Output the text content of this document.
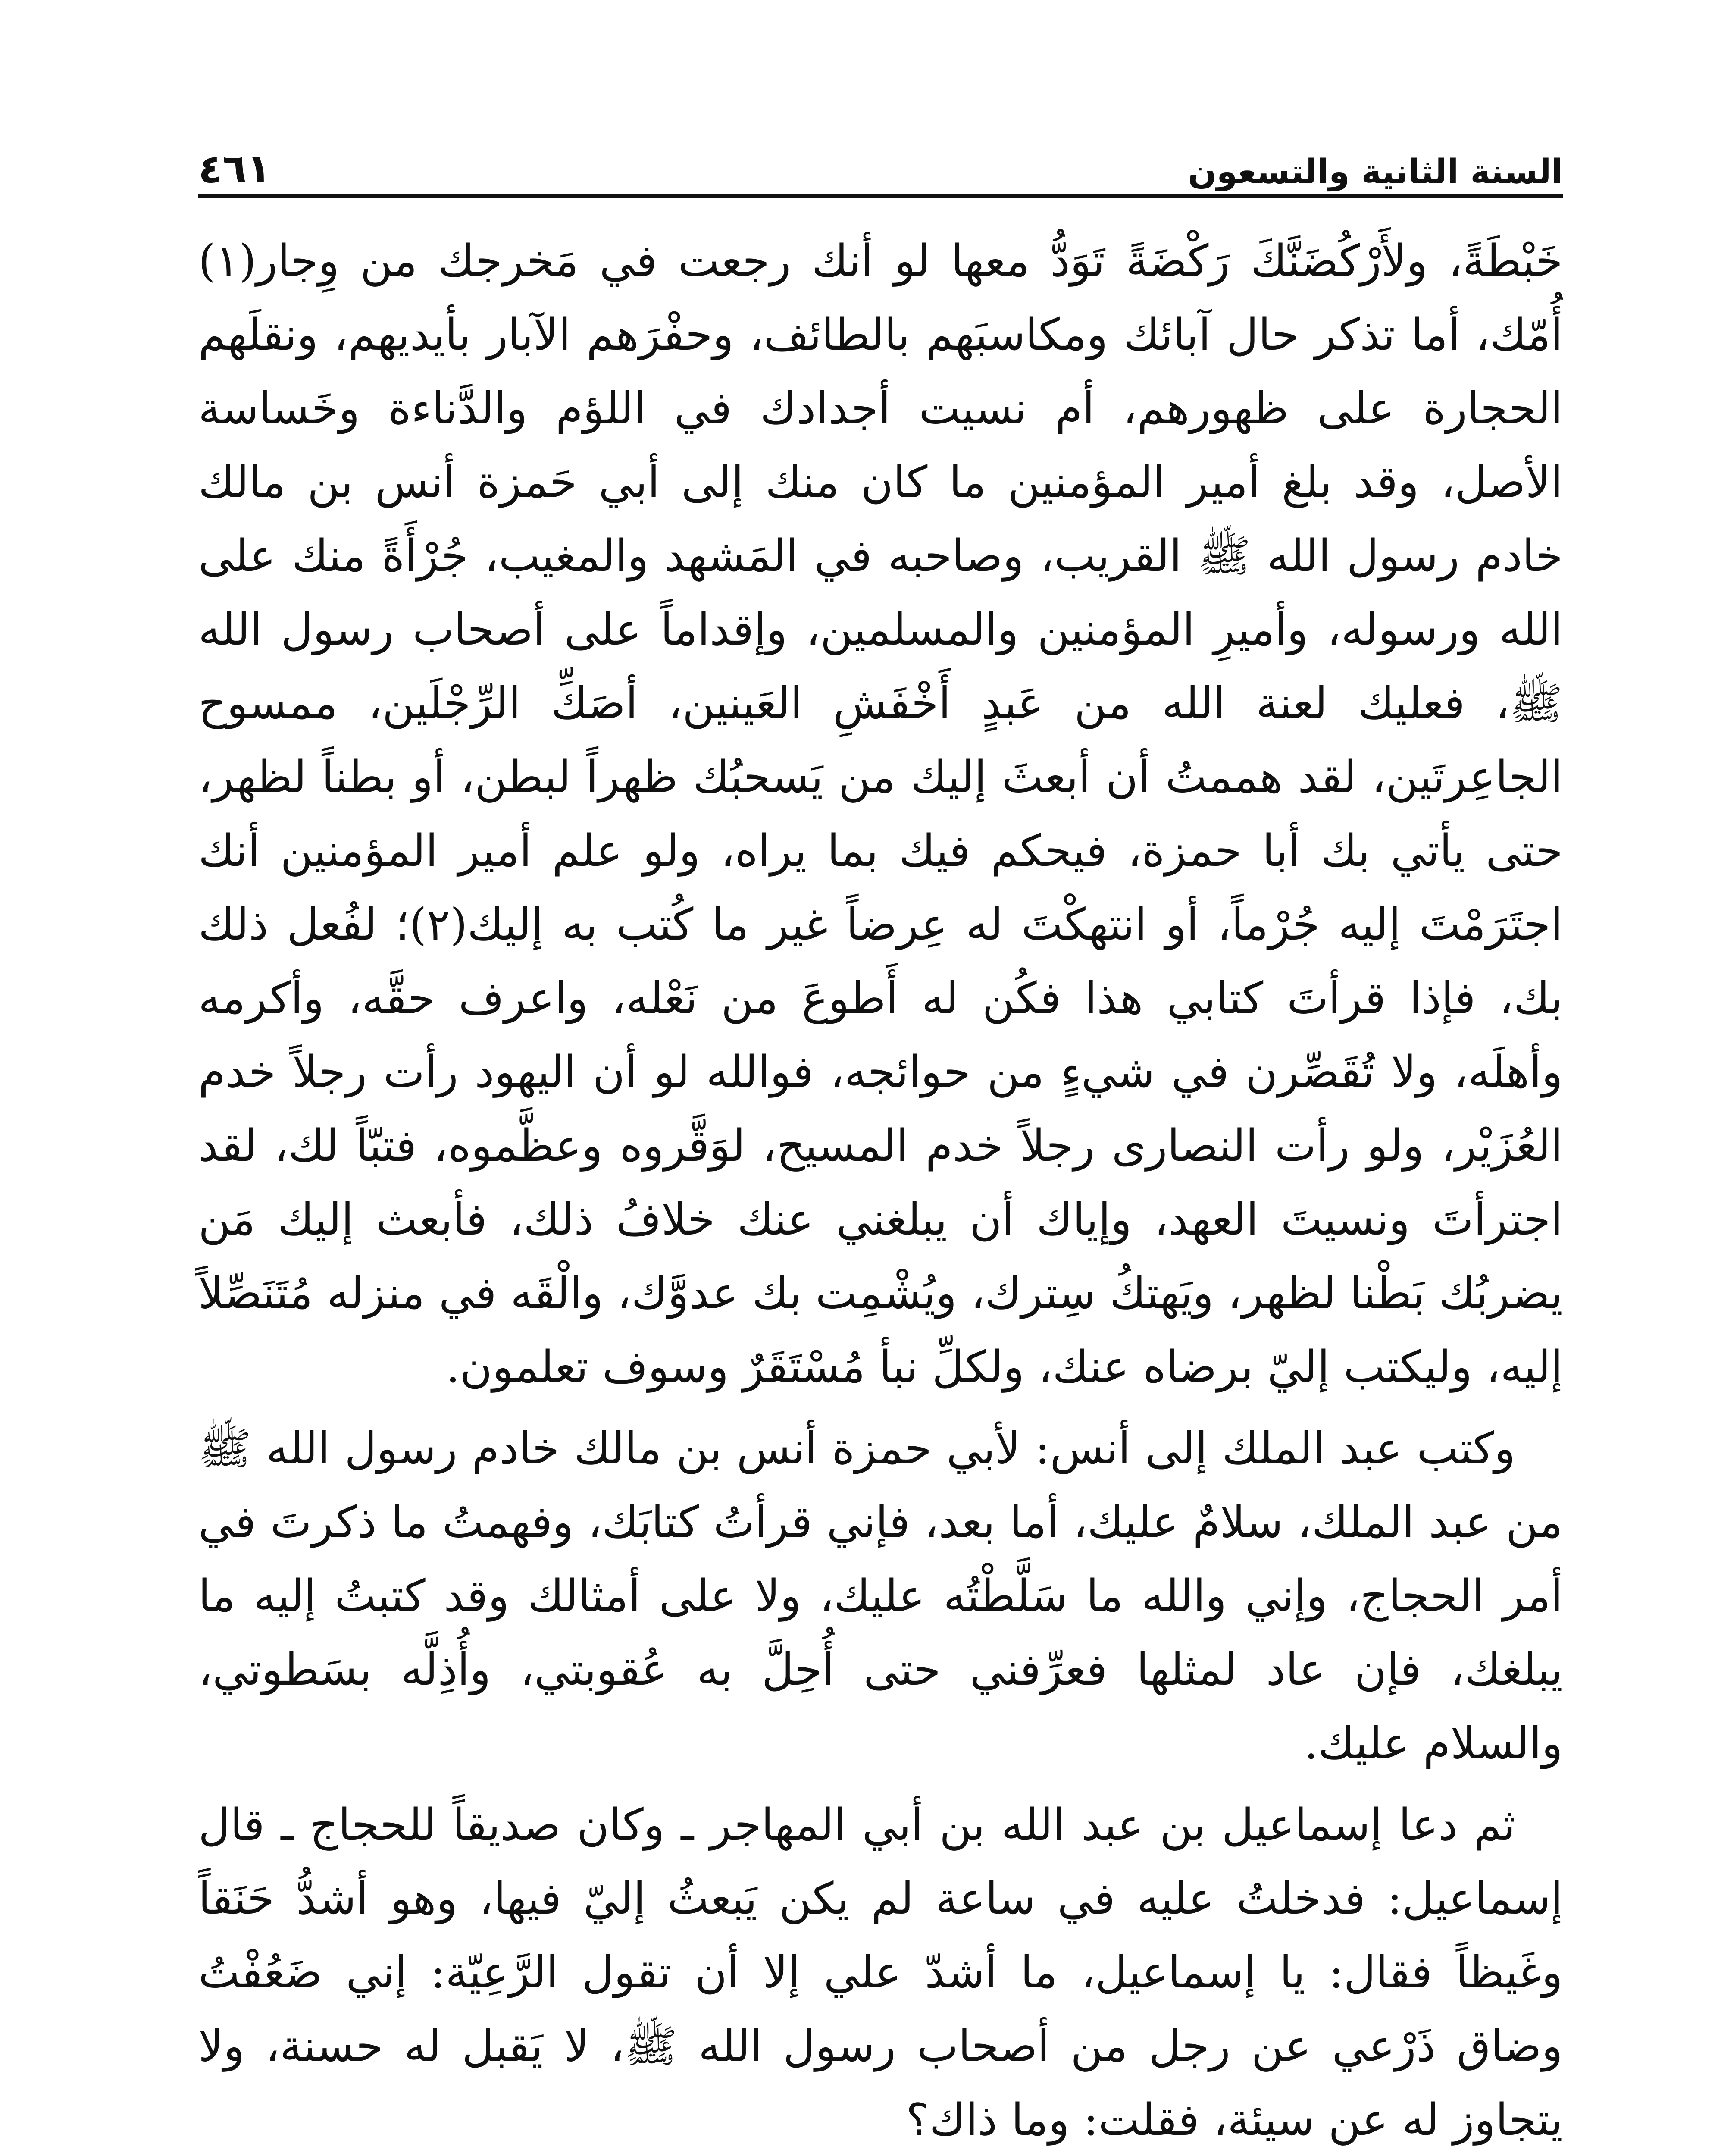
السنة الثانية والتسعون
٤٦١

خَبْطَةً، ولأَرْكُضَنَّكَ رَكْضَةً تَوَدُّ معها لو أنك رجعت في مَخرجك من وِجار(١) أُمّك، أما تذكر حال آبائك ومكاسبَهم بالطائف، وحفْرَهم الآبار بأيديهم، ونقلَهم الحجارة على ظهورهم، أم نسيت أجدادك في اللؤم والدَّناءة وخَساسة الأصل، وقد بلغ أمير المؤمنين ما كان منك إلى أبي حَمزة أنس بن مالك خادم رسول الله ﷺ القريب، وصاحبه في المَشهد والمغيب، جُرْأَةً منك على الله ورسوله، وأميرِ المؤمنين والمسلمين، وإقداماً على أصحاب رسول الله ﷺ، فعليك لعنة الله من عَبدٍ أَخْفَشِ العَينين، أصَكِّ الرِّجْلَين، ممسوح الجاعِرتَين، لقد هممتُ أن أبعثَ إليك من يَسحبُك ظهراً لبطن، أو بطناً لظهر، حتى يأتي بك أبا حمزة، فيحكم فيك بما يراه، ولو علم أمير المؤمنين أنك اجتَرَمْتَ إليه جُرْماً، أو انتهكْتَ له عِرضاً غير ما كُتب به إليك(٢)؛ لفُعل ذلك بك، فإذا قرأتَ كتابي هذا فكُن له أَطوعَ من نَعْله، واعرف حقَّه، وأكرمه وأهلَه، ولا تُقَصِّرن في شيءٍ من حوائجه، فوالله لو أن اليهود رأت رجلاً خدم العُزَيْر، ولو رأت النصارى رجلاً خدم المسيح، لوَقَّروه وعظَّموه، فتبّاً لك، لقد اجترأتَ ونسيتَ العهد، وإياك أن يبلغني عنك خلافُ ذلك، فأبعث إليك مَن يضربُك بَطْنا لظهر، ويَهتكُ سِترك، ويُشْمِت بك عدوَّك، والْقَه في منزله مُتَنَصِّلاً إليه، وليكتب إليّ برضاه عنك، ولكلِّ نبأ مُسْتَقَرٌ وسوف تعلمون.

وكتب عبد الملك إلى أنس: لأبي حمزة أنس بن مالك خادم رسول الله ﷺ من عبد الملك، سلامٌ عليك، أما بعد، فإني قرأتُ كتابَك، وفهمتُ ما ذكرتَ في أمر الحجاج، وإني والله ما سَلَّطْتُه عليك، ولا على أمثالك وقد كتبتُ إليه ما يبلغك، فإن عاد لمثلها فعرِّفني حتى أُحِلَّ به عُقوبتي، وأُذِلَّه بسَطوتي، والسلام عليك.

ثم دعا إسماعيل بن عبد الله بن أبي المهاجر ـ وكان صديقاً للحجاج ـ قال إسماعيل: فدخلتُ عليه في ساعة لم يكن يَبعثُ إليّ فيها، وهو أشدُّ حَنَقاً وغَيظاً فقال: يا إسماعيل، ما أشدّ علي إلا أن تقول الرَّعِيّة: إني ضَعُفْتُ وضاق ذَرْعي عن رجل من أصحاب رسول الله ﷺ، لا يَقبل له حسنة، ولا يتجاوز له عن سيئة، فقلت: وما ذاك؟
